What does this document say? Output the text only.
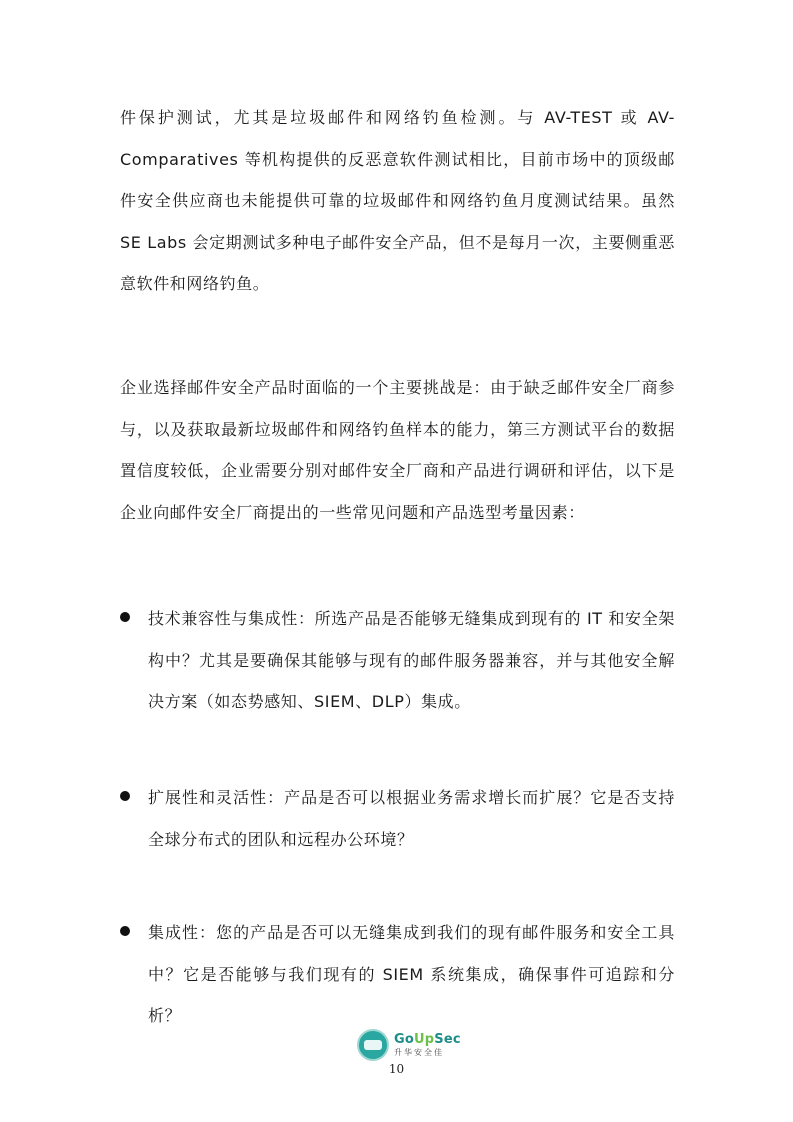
件保护测试，尤其是垃圾邮件和网络钓鱼检测。与 AV-TEST 或 AV-Comparatives 等机构提供的反恶意软件测试相比，目前市场中的顶级邮件安全供应商也未能提供可靠的垃圾邮件和网络钓鱼月度测试结果。虽然 SE Labs 会定期测试多种电子邮件安全产品，但不是每月一次，主要侧重恶意软件和网络钓鱼。

企业选择邮件安全产品时面临的一个主要挑战是：由于缺乏邮件安全厂商参与，以及获取最新垃圾邮件和网络钓鱼样本的能力，第三方测试平台的数据置信度较低，企业需要分别对邮件安全厂商和产品进行调研和评估，以下是企业向邮件安全厂商提出的一些常见问题和产品选型考量因素：

技术兼容性与集成性：所选产品是否能够无缝集成到现有的 IT 和安全架构中？尤其是要确保其能够与现有的邮件服务器兼容，并与其他安全解决方案（如态势感知、SIEM、DLP）集成。
扩展性和灵活性：产品是否可以根据业务需求增长而扩展？它是否支持全球分布式的团队和远程办公环境？
集成性：您的产品是否可以无缝集成到我们的现有邮件服务和安全工具中？它是否能够与我们现有的 SIEM 系统集成，确保事件可追踪和分析？
GoUpSec
升华安全佳
10
